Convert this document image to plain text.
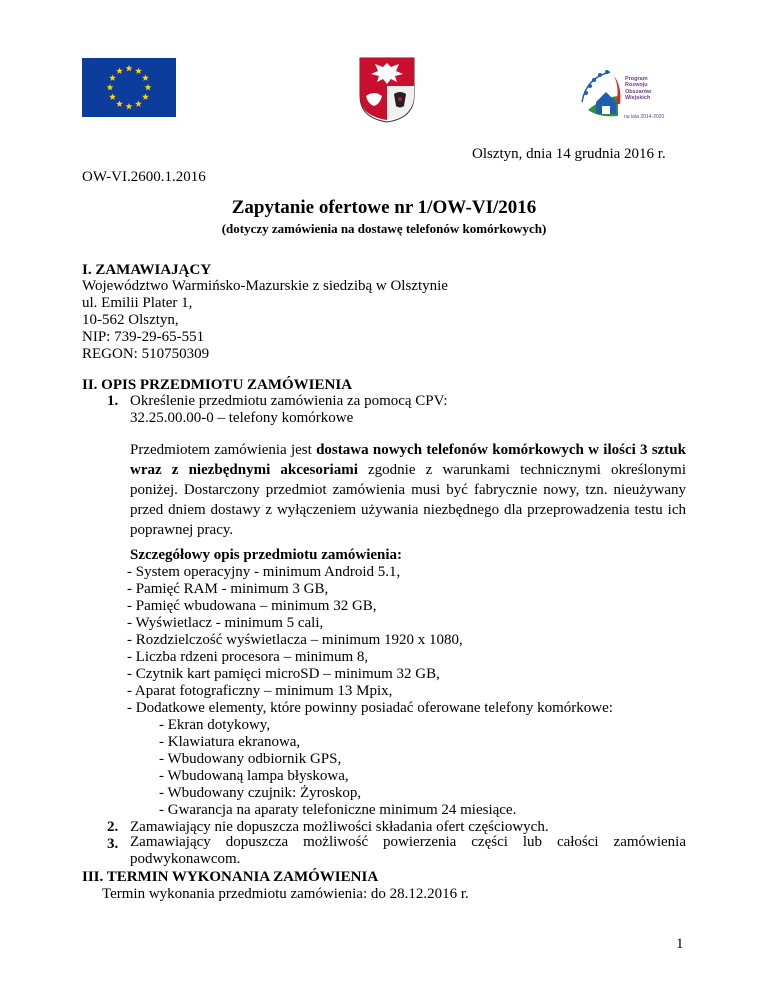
Program
Rozwoju
Obszarów
Wiejskich
na lata 2014-2020
Olsztyn, dnia 14 grudnia 2016 r.
OW-VI.2600.1.2016
Zapytanie ofertowe nr 1/OW-VI/2016
(dotyczy zamówienia na dostawę telefonów komórkowych)
I. ZAMAWIAJĄCY
Województwo Warmińsko-Mazurskie z siedzibą w Olsztynie
ul. Emilii Plater 1,
10-562 Olsztyn,
NIP: 739-29-65-551
REGON: 510750309
II. OPIS PRZEDMIOTU ZAMÓWIENIA
1. Określenie przedmiotu zamówienia za pomocą CPV:
32.25.00.00-0 – telefony komórkowe
Przedmiotem zamówienia jest dostawa nowych telefonów komórkowych w ilości 3 sztuk wraz z niezbędnymi akcesoriami zgodnie z warunkami technicznymi określonymi poniżej. Dostarczony przedmiot zamówienia musi być fabrycznie nowy, tzn. nieużywany przed dniem dostawy z wyłączeniem używania niezbędnego dla przeprowadzenia testu ich poprawnej pracy.
Szczegółowy opis przedmiotu zamówienia:
- System operacyjny - minimum Android 5.1,
- Pamięć RAM - minimum 3 GB,
- Pamięć wbudowana – minimum 32 GB,
- Wyświetlacz - minimum 5 cali,
- Rozdzielczość wyświetlacza – minimum 1920 x 1080,
- Liczba rdzeni procesora – minimum 8,
- Czytnik kart pamięci microSD – minimum 32 GB,
- Aparat fotograficzny – minimum 13 Mpix,
- Dodatkowe elementy, które powinny posiadać oferowane telefony komórkowe:
- Ekran dotykowy,
- Klawiatura ekranowa,
- Wbudowany odbiornik GPS,
- Wbudowaną lampa błyskowa,
- Wbudowany czujnik: Żyroskop,
- Gwarancja na aparaty telefoniczne minimum 24 miesiące.
2. Zamawiający nie dopuszcza możliwości składania ofert częściowych.
3. Zamawiający dopuszcza możliwość powierzenia części lub całości zamówienia podwykonawcom.
III. TERMIN WYKONANIA ZAMÓWIENIA
Termin wykonania przedmiotu zamówienia: do 28.12.2016 r.
1
